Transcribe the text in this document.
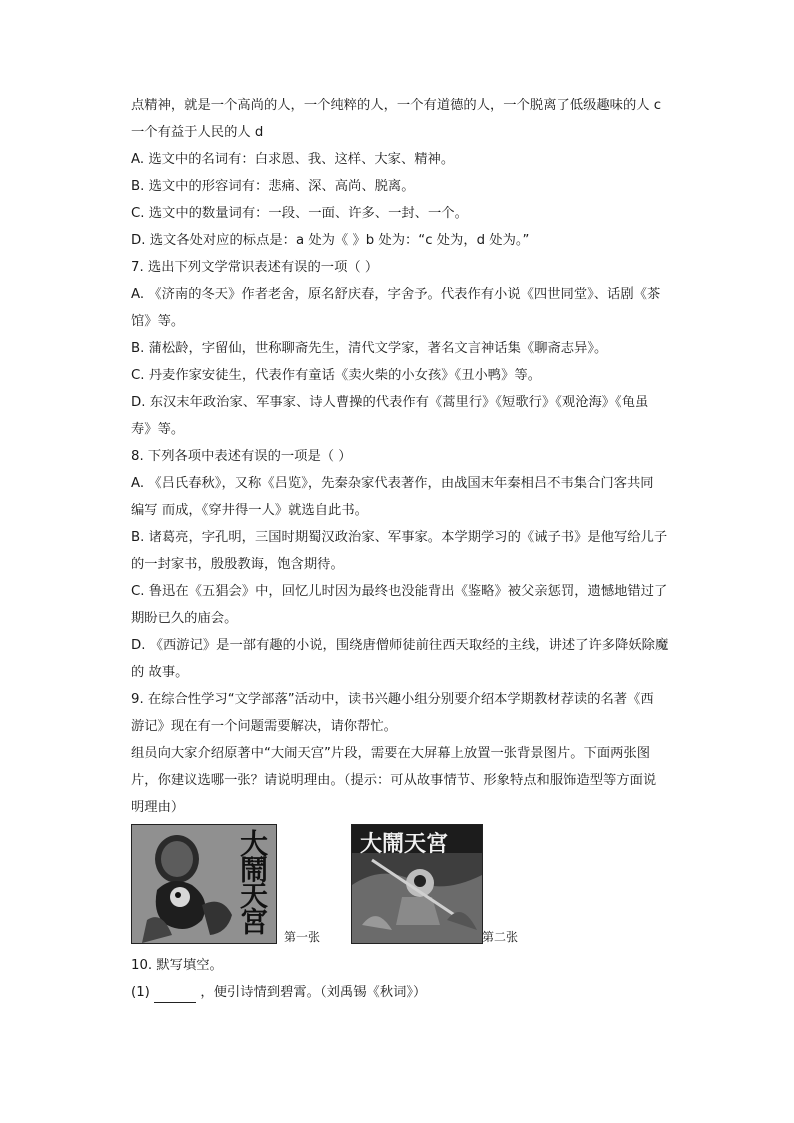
点精神，就是一个高尚的人，一个纯粹的人，一个有道德的人，一个脱离了低级趣味的人 c
一个有益于人民的人 d
A. 选文中的名词有：白求恩、我、这样、大家、精神。
B. 选文中的形容词有：悲痛、深、高尚、脱离。
C. 选文中的数量词有：一段、一面、许多、一封、一个。
D. 选文各处对应的标点是：a 处为《 》b 处为：“c 处为，d 处为。”
7. 选出下列文学常识表述有误的一项（ ）
A. 《济南的冬天》作者老舍，原名舒庆春，字舍予。代表作有小说《四世同堂》、话剧《茶
馆》等。
B. 蒲松龄，字留仙，世称聊斋先生，清代文学家，著名文言神话集《聊斋志异》。
C. 丹麦作家安徒生，代表作有童话《卖火柴的小女孩》《丑小鸭》等。
D. 东汉末年政治家、军事家、诗人曹操的代表作有《蒿里行》《短歌行》《观沧海》《龟虽
寿》等。
8. 下列各项中表述有误的一项是（ ）
A. 《吕氏春秋》，又称《吕览》，先秦杂家代表著作，由战国末年秦相吕不韦集合门客共同
编写 而成，《穿井得一人》就选自此书。
B. 诸葛亮，字孔明，三国时期蜀汉政治家、军事家。本学期学习的《诫子书》是他写给儿子
的一封家书，殷殷教诲，饱含期待。
C. 鲁迅在《五猖会》中，回忆儿时因为最终也没能背出《鉴略》被父亲惩罚，遗憾地错过了
期盼已久的庙会。
D. 《西游记》是一部有趣的小说，围绕唐僧师徒前往西天取经的主线，讲述了许多降妖除魔
的 故事。
9. 在综合性学习“文学部落”活动中，读书兴趣小组分别要介绍本学期教材荐读的名著《西
游记》现在有一个问题需要解决，请你帮忙。
组员向大家介绍原著中“大闹天宫”片段，需要在大屏幕上放置一张背景图片。下面两张图
片，你建议选哪一张？请说明理由。（提示：可从故事情节、形象特点和服饰造型等方面说
明理由）
大鬧天宮
第一张
大鬧天宮
第二张
10. 默写填空。
(1)	，便引诗情到碧霄。（刘禹锡《秋词》）
